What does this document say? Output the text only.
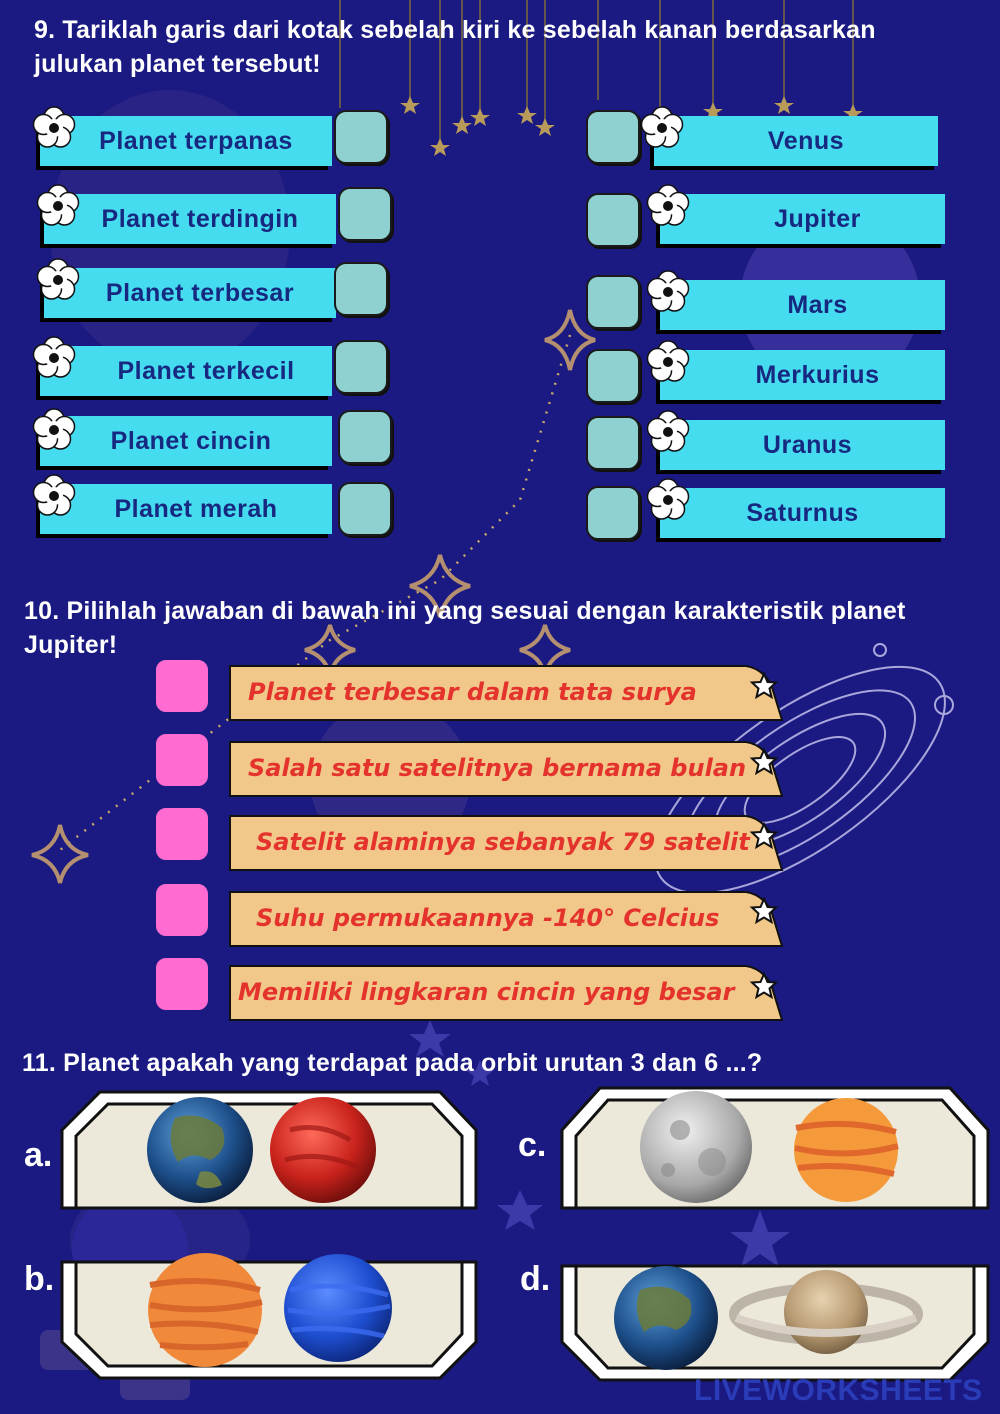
9. Tariklah garis dari kotak sebelah kiri ke sebelah kanan berdasarkan
julukan planet tersebut!
Planet terpanas
Planet terdingin
Planet terbesar
Planet terkecil
Planet cincin
Planet merah
Venus
Jupiter
Mars
Merkurius
Uranus
Saturnus
10. Pilihlah jawaban di bawah ini yang sesuai dengan karakteristik planet
Jupiter!
Planet terbesar dalam tata surya
Salah satu satelitnya bernama bulan
Satelit alaminya sebanyak 79 satelit
Suhu permukaannya -140° Celcius
Memiliki lingkaran cincin yang besar
11. Planet apakah yang terdapat pada orbit urutan 3 dan 6 ...?
a.
b.
c.
d.
LIVEWORKSHEETS
